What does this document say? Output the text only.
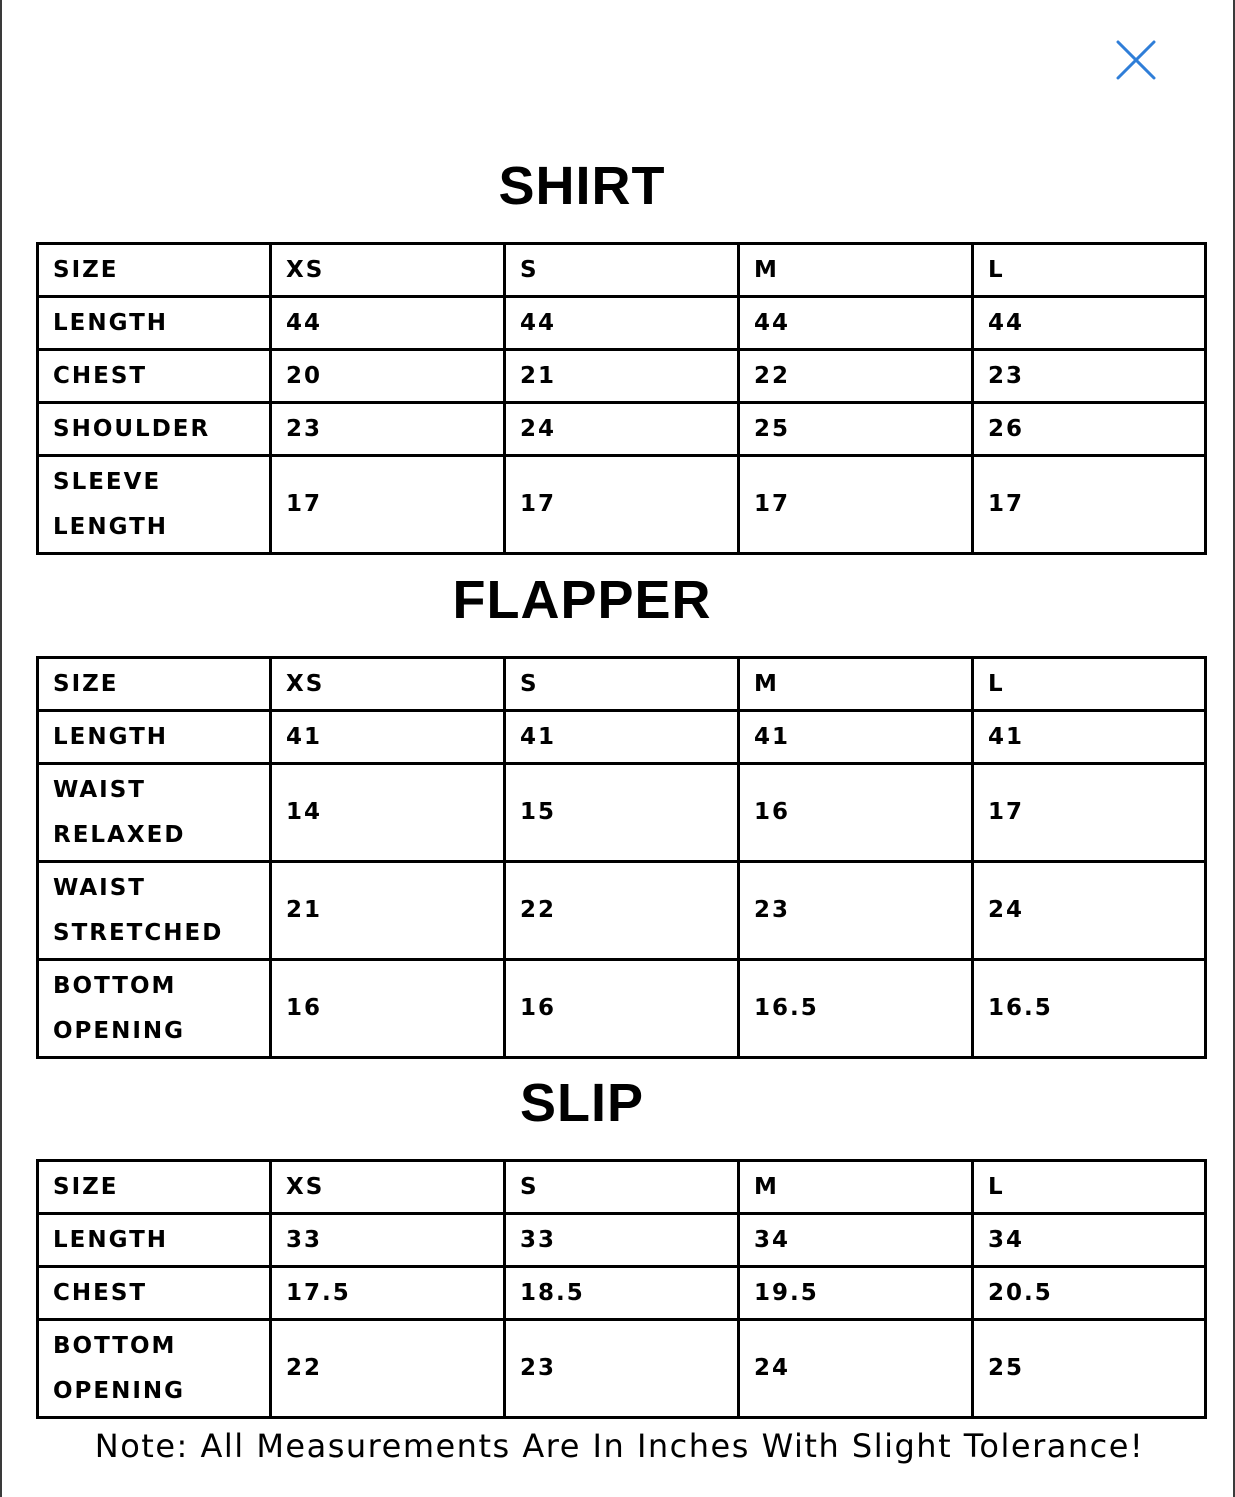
SHIRT
SIZE	XS	S	M	L
LENGTH	44	44	44	44
CHEST	20	21	22	23
SHOULDER	23	24	25	26
SLEEVE
LENGTH	17	17	17	17
FLAPPER
SIZE	XS	S	M	L
LENGTH	41	41	41	41
WAIST
RELAXED	14	15	16	17
WAIST
STRETCHED	21	22	23	24
BOTTOM
OPENING	16	16	16.5	16.5
SLIP
SIZE	XS	S	M	L
LENGTH	33	33	34	34
CHEST	17.5	18.5	19.5	20.5
BOTTOM
OPENING	22	23	24	25
Note: All Measurements Are In Inches With Slight Tolerance!
